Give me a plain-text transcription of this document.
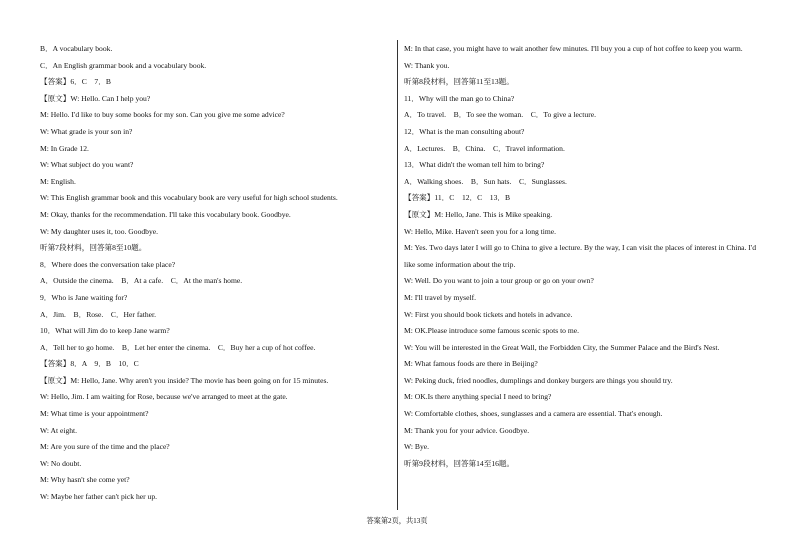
B．A vocabulary book.
C．An English grammar book and a vocabulary book.
【答案】6．C　7．B
【原文】W: Hello. Can I help you?
M: Hello. I'd like to buy some books for my son. Can you give me some advice?
W: What grade is your son in?
M: In Grade 12.
W: What subject do you want?
M: English.
W: This English grammar book and this vocabulary book are very useful for high school students.
M: Okay, thanks for the recommendation. I'll take this vocabulary book. Goodbye.
W: My daughter uses it, too. Goodbye.
听第7段材料，回答第8至10题。
8．Where does the conversation take place?
A．Outside the cinema.　B．At a cafe.　C．At the man's home.
9．Who is Jane waiting for?
A．Jim.　B．Rose.　C．Her father.
10．What will Jim do to keep Jane warm?
A．Tell her to go home.　B．Let her enter the cinema.　C．Buy her a cup of hot coffee.
【答案】8．A　9．B　10．C
【原文】M: Hello, Jane. Why aren't you inside? The movie has been going on for 15 minutes.
W: Hello, Jim. I am waiting for Rose, because we've arranged to meet at the gate.
M: What time is your appointment?
W: At eight.
M: Are you sure of the time and the place?
W: No doubt.
M: Why hasn't she come yet?
W: Maybe her father can't pick her up.
M: In that case, you might have to wait another few minutes. I'll buy you a cup of hot coffee to keep you warm.
W: Thank you.
听第8段材料，回答第11至13题。
11．Why will the man go to China?
A．To travel.　B．To see the woman.　C．To give a lecture.
12．What is the man consulting about?
A．Lectures.　B．China.　C．Travel information.
13．What didn't the woman tell him to bring?
A．Walking shoes.　B．Sun hats.　C．Sunglasses.
【答案】11．C　12．C　13．B
【原文】M: Hello, Jane. This is Mike speaking.
W: Hello, Mike. Haven't seen you for a long time.
M: Yes. Two days later I will go to China to give a lecture. By the way, I can visit the places of interest in China. I'd like some information about the trip.
W: Well. Do you want to join a tour group or go on your own?
M: I'll travel by myself.
W: First you should book tickets and hotels in advance.
M: OK.Please introduce some famous scenic spots to me.
W: You will be interested in the Great Wall, the Forbidden City, the Summer Palace and the Bird's Nest.
M: What famous foods are there in Beijing?
W: Peking duck, fried noodles, dumplings and donkey burgers are things you should try.
M: OK.Is there anything special I need to bring?
W: Comfortable clothes, shoes, sunglasses and a camera are essential. That's enough.
M: Thank you for your advice. Goodbye.
W: Bye.
听第9段材料，回答第14至16题。
答案第2页，共13页
